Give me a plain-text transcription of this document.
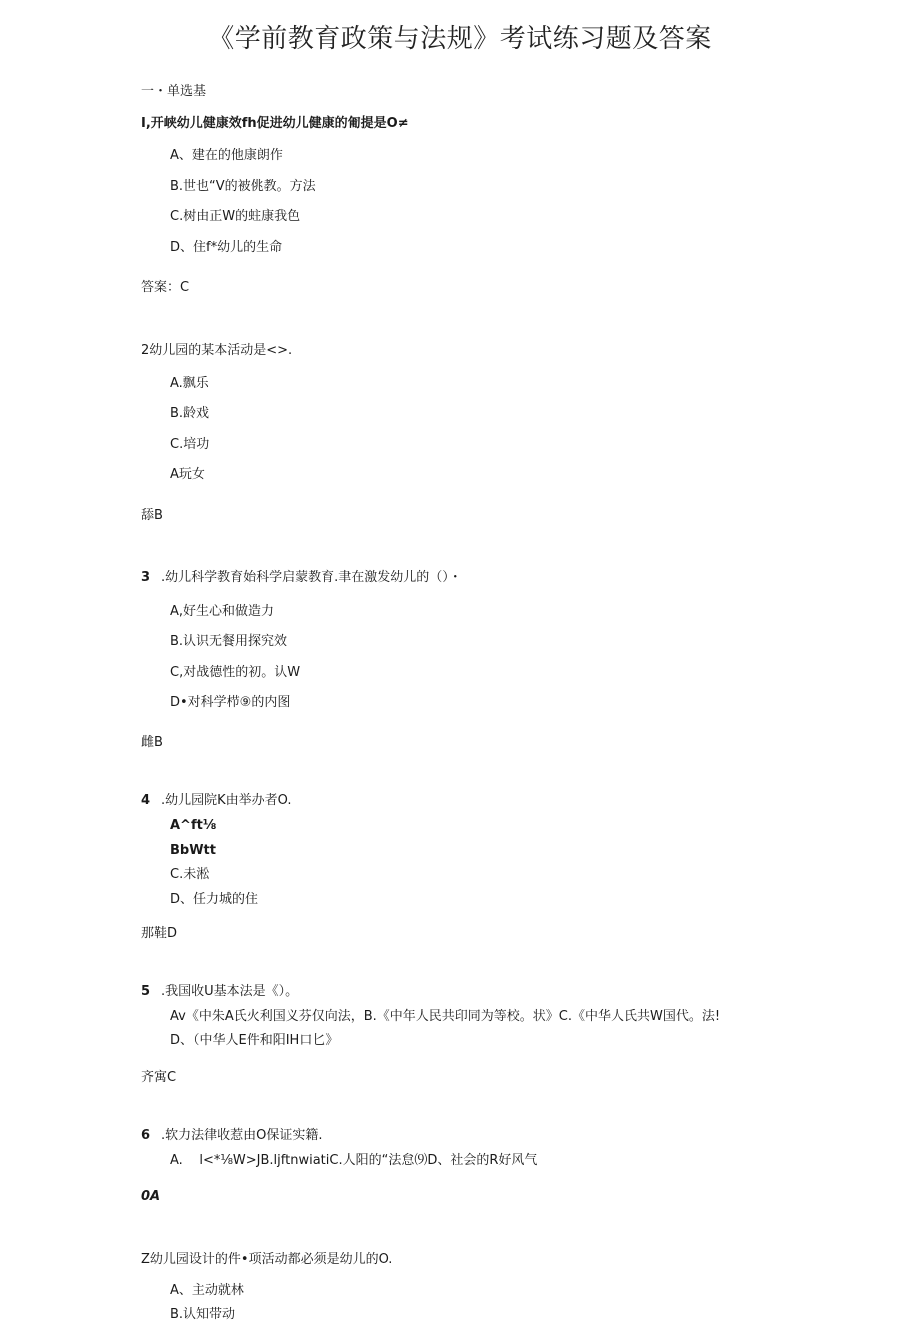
《学前教育政策与法规》考试练习题及答案
一・单选基
I,开峡幼儿健康效fh促进幼儿健康的匍提是O≠
A、建在的他康朗作
B.世也“V的被佻教。方法
C.树由正W的蛀康我色
D、住f*幼儿的生命
答案：C
2幼儿园的某本活动是<>.
A.飘乐
B.龄戏
C.培功
A玩女
舔B
3 .幼儿科学教育始科学启蒙教育.聿在激发幼儿的（）・
A,好生心和做造力
B.认识无餐用探究效
C,对战德性的初。认W
D•对科学栉⑨的内图
雌B
4 .幼儿园院K由举办者O.
A^ft⅛
BbWtt
C.未淞
D、任力城的住
那鞋D
5 .我国收U基本法是《）。
Av《中朱A氏火利国义芬仅向法，B.《中年人民共印同为等校。状》C.《中华人氏共W国代。法!
D、（中华人E件和阳IH口匕》
齐寓C
6 .软力法律收惹由O保证实籍.
A.    l<*⅛W>JB.ljftnwiatiC.人阳的“法怠⑼D、社会的R好风气
0A
Z幼儿园设计的件•项活动都必须是幼儿的O.
A、主动就林
B.认知带动
